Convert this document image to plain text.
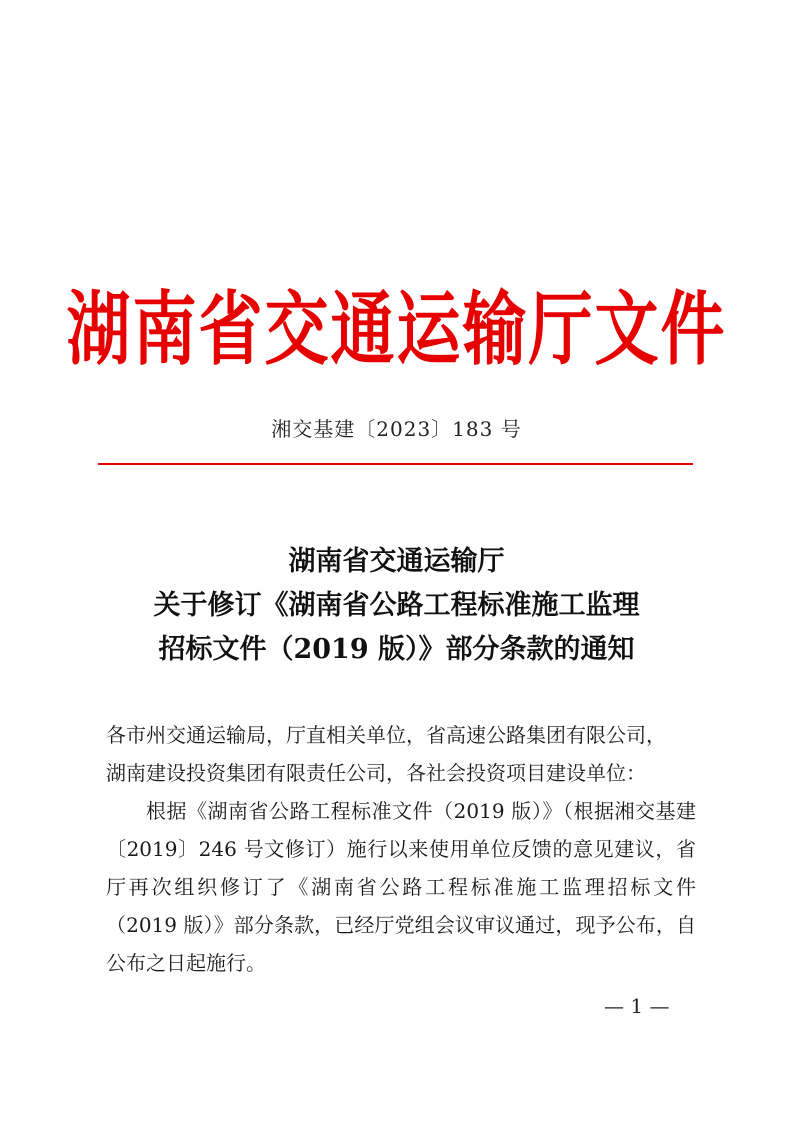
湖南省交通运输厅文件
湘交基建〔2023〕183 号
湖南省交通运输厅
关于修订《湖南省公路工程标准施工监理
招标文件（2019 版）》部分条款的通知

各市州交通运输局，厅直相关单位，省高速公路集团有限公司，

湖南建设投资集团有限责任公司，各社会投资项目建设单位：

根据《湖南省公路工程标准文件（2019 版）》（根据湘交基建〔2019〕246 号文修订）施行以来使用单位反馈的意见建议，省厅再次组织修订了《湖南省公路工程标准施工监理招标文件（2019 版）》部分条款，已经厅党组会议审议通过，现予公布，自公布之日起施行。

— 1 —
